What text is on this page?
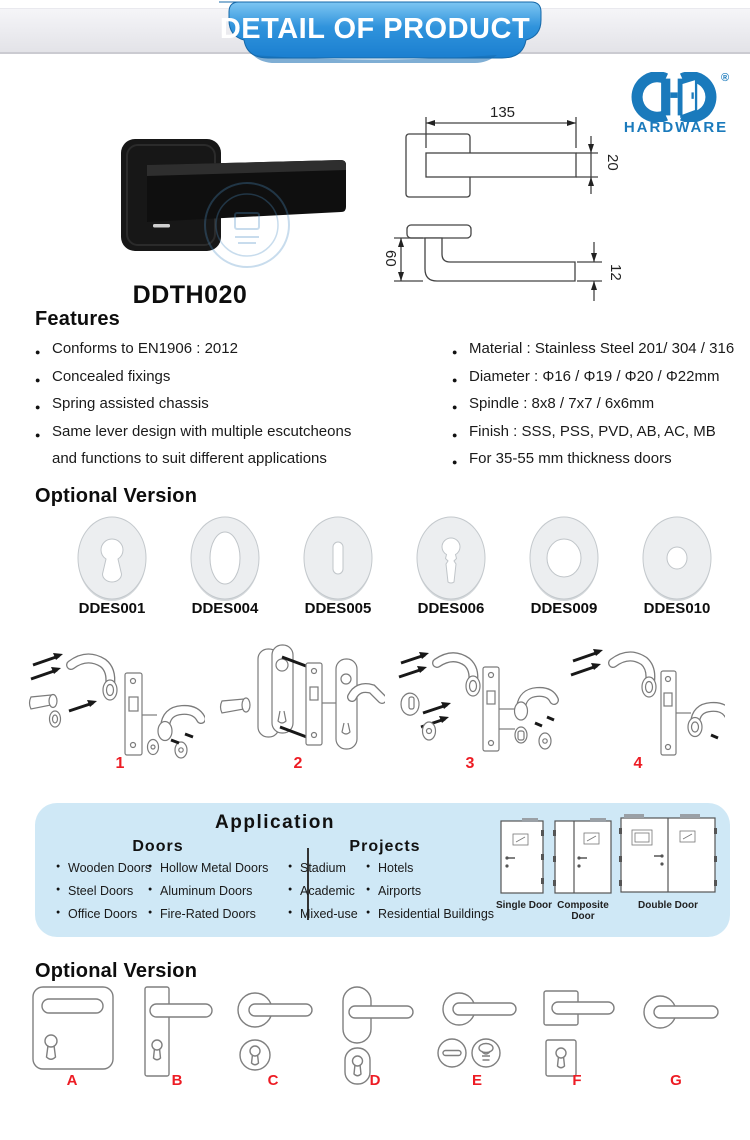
DETAIL OF PRODUCT
®
HARDWARE
DDTH020
135
20
60
12
Features
● Conforms to EN1906 : 2012
● Concealed fixings
● Spring assisted chassis
● Same lever design with multiple escutcheons
and functions to suit different applications
● Material : Stainless Steel 201/ 304 / 316
● Diameter : Φ16 / Φ19 / Φ20 / Φ22mm
● Spindle : 8x8 / 7x7 / 6x6mm
● Finish : SSS, PSS, PVD, AB, AC, MB
● For 35-55 mm thickness doors
Optional Version
DDES001	DDES004	DDES005	DDES006	DDES009	DDES010
1	2	3	4
Application
Doors	Projects
● Wooden Doors
● Steel Doors
● Office Doors
● Hollow Metal Doors
● Aluminum Doors
● Fire-Rated Doors
● Stadium
● Academic
● Mixed-use
● Hotels
● Airports
● Residential Buildings
Single Door Composite Door
Double Door
Optional Version
A	B	C	D	E	F	G
